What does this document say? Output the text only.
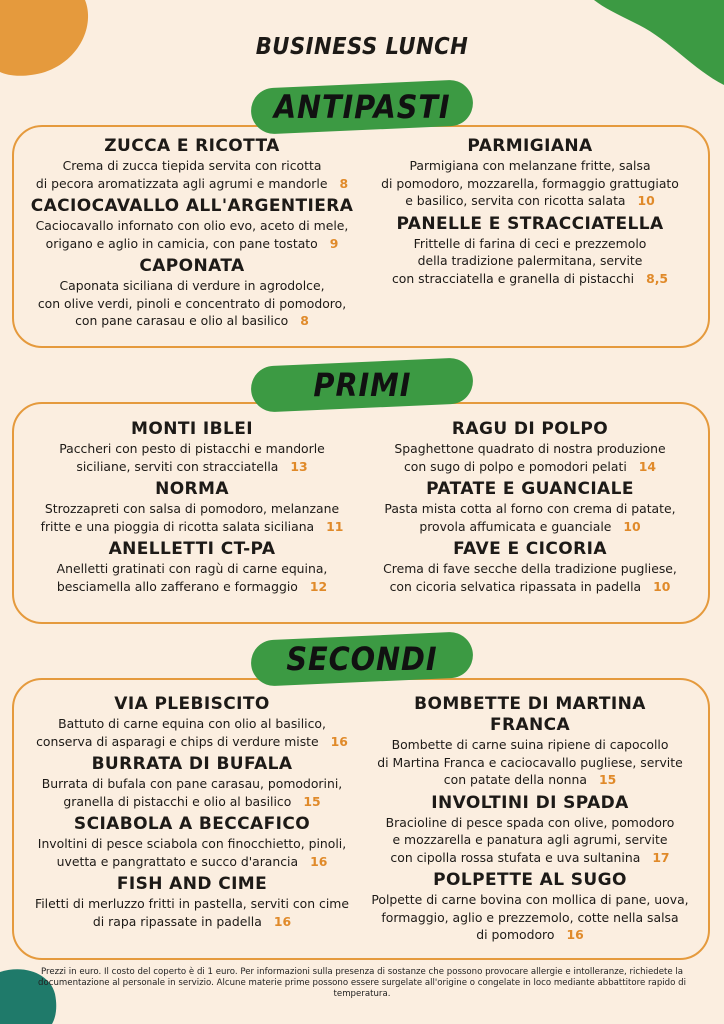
BUSINESS LUNCH
ANTIPASTI
ZUCCA E RICOTTA
Crema di zucca tiepida servita con ricotta
di pecora aromatizzata agli agrumi e mandorle 8
CACIOCAVALLO ALL'ARGENTIERA
Caciocavallo infornato con olio evo, aceto di mele,
origano e aglio in camicia, con pane tostato 9
CAPONATA
Caponata siciliana di verdure in agrodolce,
con olive verdi, pinoli e concentrato di pomodoro,
con pane carasau e olio al basilico 8
PARMIGIANA
Parmigiana con melanzane fritte, salsa
di pomodoro, mozzarella, formaggio grattugiato
e basilico, servita con ricotta salata 10
PANELLE E STRACCIATELLA
Frittelle di farina di ceci e prezzemolo
della tradizione palermitana, servite
con stracciatella e granella di pistacchi 8,5
PRIMI
MONTI IBLEI
Paccheri con pesto di pistacchi e mandorle
siciliane, serviti con stracciatella 13
NORMA
Strozzapreti con salsa di pomodoro, melanzane
fritte e una pioggia di ricotta salata siciliana 11
ANELLETTI CT-PA
Anelletti gratinati con ragù di carne equina,
besciamella allo zafferano e formaggio 12
RAGU DI POLPO
Spaghettone quadrato di nostra produzione
con sugo di polpo e pomodori pelati 14
PATATE E GUANCIALE
Pasta mista cotta al forno con crema di patate,
provola affumicata e guanciale 10
FAVE E CICORIA
Crema di fave secche della tradizione pugliese,
con cicoria selvatica ripassata in padella 10
SECONDI
VIA PLEBISCITO
Battuto di carne equina con olio al basilico,
conserva di asparagi e chips di verdure miste 16
BURRATA DI BUFALA
Burrata di bufala con pane carasau, pomodorini,
granella di pistacchi e olio al basilico 15
SCIABOLA A BECCAFICO
Involtini di pesce sciabola con finocchietto, pinoli,
uvetta e pangrattato e succo d'arancia 16
FISH AND CIME
Filetti di merluzzo fritti in pastella, serviti con cime
di rapa ripassate in padella 16
BOMBETTE DI MARTINA FRANCA
Bombette di carne suina ripiene di capocollo
di Martina Franca e caciocavallo pugliese, servite
con patate della nonna 15
INVOLTINI DI SPADA
Bracioline di pesce spada con olive, pomodoro
e mozzarella e panatura agli agrumi, servite
con cipolla rossa stufata e uva sultanina 17
POLPETTE AL SUGO
Polpette di carne bovina con mollica di pane, uova,
formaggio, aglio e prezzemolo, cotte nella salsa
di pomodoro 16
Prezzi in euro. Il costo del coperto è di 1 euro. Per informazioni sulla presenza di sostanze che possono provocare allergie e intolleranze, richiedete la documentazione al personale in servizio. Alcune materie prime possono essere surgelate all'origine o congelate in loco mediante abbattitore rapido di temperatura.
